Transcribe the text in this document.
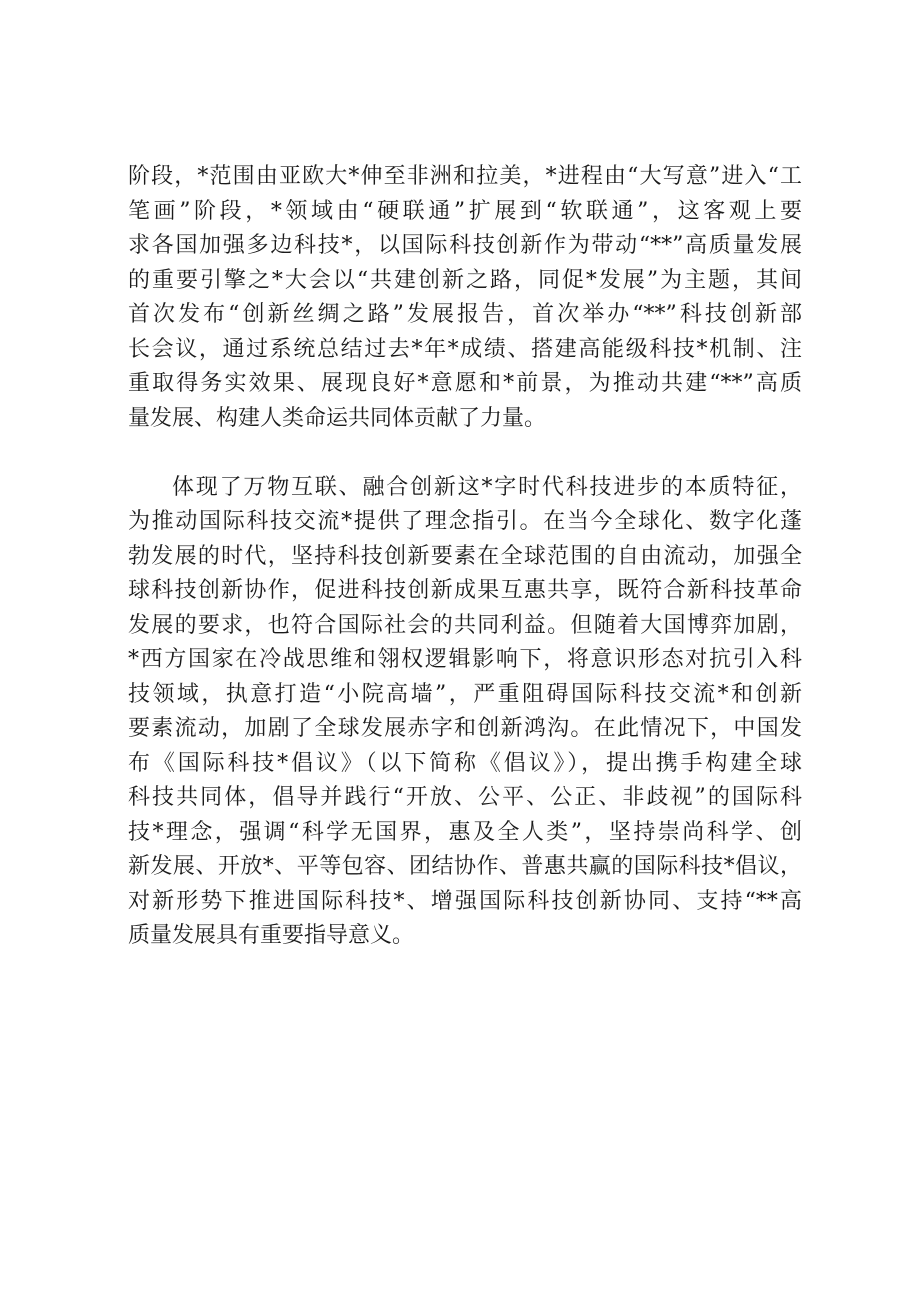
阶段，*范围由亚欧大*伸至非洲和拉美，*进程由“大写意”进入“工
笔画”阶段，*领域由“硬联通”扩展到“软联通”，这客观上要
求各国加强多边科技*，以国际科技创新作为带动“**”高质量发展
的重要引擎之*大会以“共建创新之路，同促*发展”为主题，其间
首次发布“创新丝绸之路”发展报告，首次举办“**”科技创新部
长会议，通过系统总结过去*年*成绩、搭建高能级科技*机制、注
重取得务实效果、展现良好*意愿和*前景，为推动共建“**”高质
量发展、构建人类命运共同体贡献了力量。
体现了万物互联、融合创新这*字时代科技进步的本质特征，
为推动国际科技交流*提供了理念指引。在当今全球化、数字化蓬
勃发展的时代，坚持科技创新要素在全球范围的自由流动，加强全
球科技创新协作，促进科技创新成果互惠共享，既符合新科技革命
发展的要求，也符合国际社会的共同利益。但随着大国博弈加剧，
*西方国家在冷战思维和翎权逻辑影响下，将意识形态对抗引入科
技领域，执意打造“小院高墙”，严重阻碍国际科技交流*和创新
要素流动，加剧了全球发展赤字和创新鸿沟。在此情况下，中国发
布《国际科技*倡议》（以下简称《倡议》），提出携手构建全球
科技共同体，倡导并践行“开放、公平、公正、非歧视”的国际科
技*理念，强调“科学无国界，惠及全人类”，坚持崇尚科学、创
新发展、开放*、平等包容、团结协作、普惠共赢的国际科技*倡议，
对新形势下推进国际科技*、增强国际科技创新协同、支持“**高
质量发展具有重要指导意义。
